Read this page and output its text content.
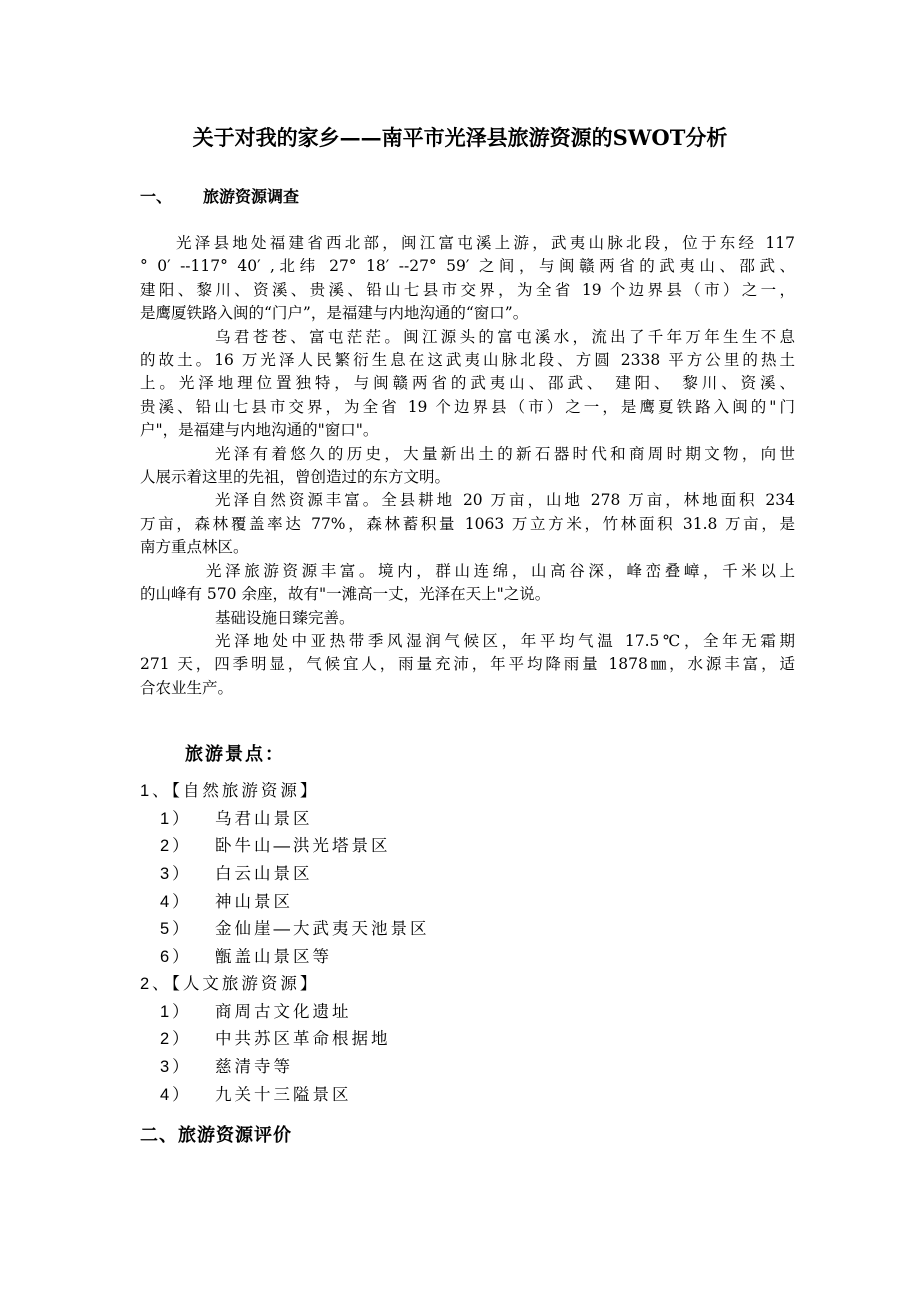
关于对我的家乡——南平市光泽县旅游资源的SWOT分析
一、 旅游资源调查
光泽县地处福建省西北部，闽江富屯溪上游，武夷山脉北段，位于东经 117
° 0′ --117° 40′ ,北纬 27° 18′ --27° 59′ 之间，与闽赣两省的武夷山、邵武、
建阳、黎川、资溪、贵溪、铅山七县市交界，为全省 19 个边界县（市）之一，
是鹰厦铁路入闽的“门户”，是福建与内地沟通的“窗口”。
乌君苍苍、富屯茫茫。闽江源头的富屯溪水，流出了千年万年生生不息
的故土。16 万光泽人民繁衍生息在这武夷山脉北段、方圆 2338 平方公里的热土
上。光泽地理位置独特，与闽赣两省的武夷山、邵武、 建阳、 黎川、资溪、
贵溪、铅山七县市交界，为全省 19 个边界县（市）之一，是鹰夏铁路入闽的"门
户"，是福建与内地沟通的"窗口"。
光泽有着悠久的历史，大量新出土的新石器时代和商周时期文物，向世
人展示着这里的先祖，曾创造过的东方文明。
光泽自然资源丰富。全县耕地 20 万亩，山地 278 万亩，林地面积 234
万亩，森林覆盖率达 77%，森林蓄积量 1063 万立方米，竹林面积 31.8 万亩，是
南方重点林区。
光泽旅游资源丰富。境内，群山连绵，山高谷深，峰峦叠嶂，千米以上
的山峰有 570 余座，故有"一滩高一丈，光泽在天上"之说。
基础设施日臻完善。
光泽地处中亚热带季风湿润气候区，年平均气温 17.5℃，全年无霜期
271 天，四季明显，气候宜人，雨量充沛，年平均降雨量 1878㎜，水源丰富，适
合农业生产。
旅游景点：
1、【自然旅游资源】
1）	乌君山景区
2）	卧牛山—洪光塔景区
3）	白云山景区
4）	神山景区
5）	金仙崖—大武夷天池景区
6）	甑盖山景区等
2、【人文旅游资源】
1）	商周古文化遗址
2）	中共苏区革命根据地
3）	慈清寺等
4）	九关十三隘景区
二、旅游资源评价
